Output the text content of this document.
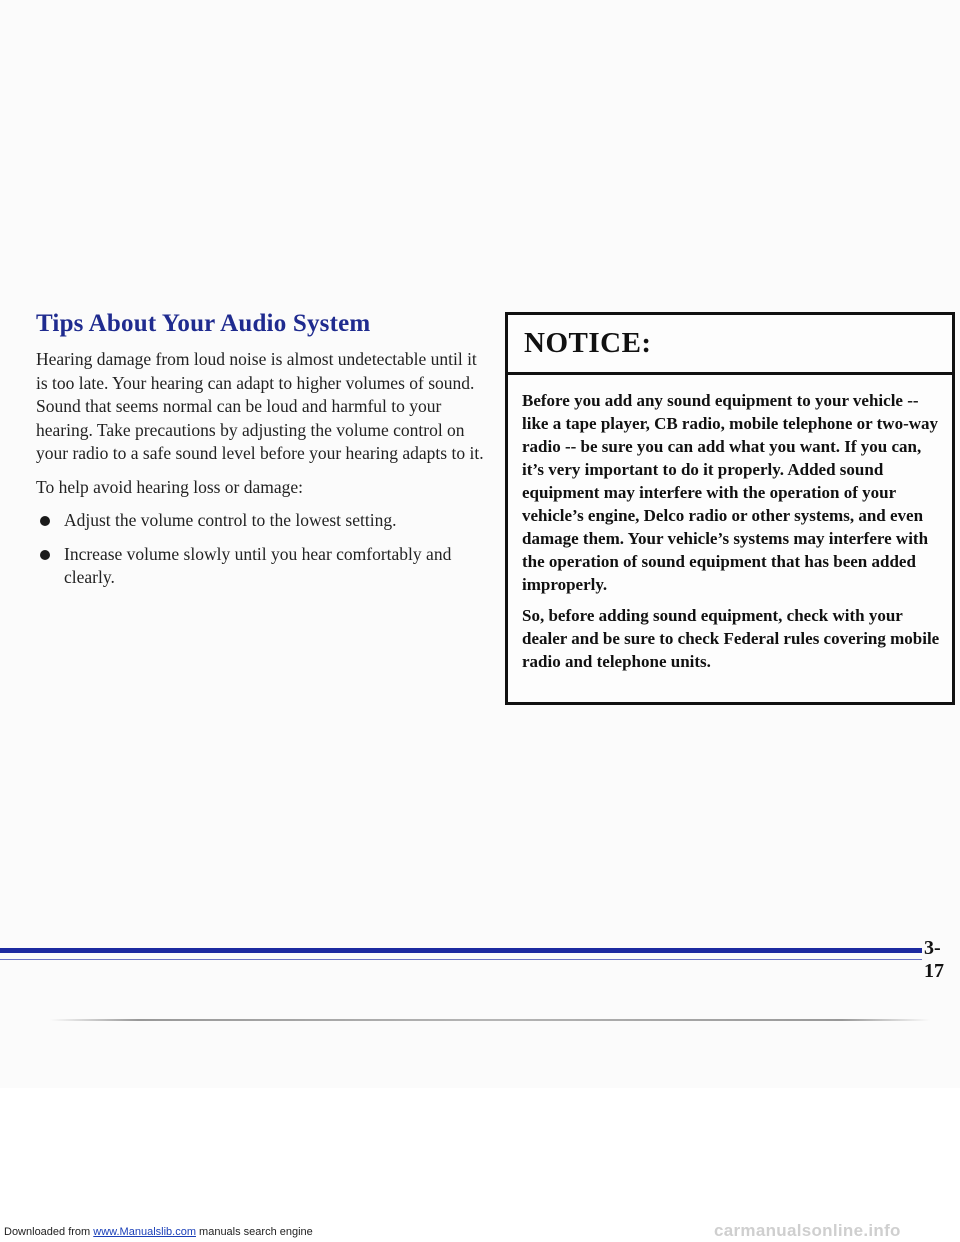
Tips About Your Audio System

Hearing damage from loud noise is almost undetectable until it is too late. Your hearing can adapt to higher volumes of sound. Sound that seems normal can be loud and harmful to your hearing. Take precautions by adjusting the volume control on your radio to a safe sound level before your hearing adapts to it.

To help avoid hearing loss or damage:

Adjust the volume control to the lowest setting.
Increase volume slowly until you hear comfortably and clearly.
NOTICE:

Before you add any sound equipment to your vehicle -- like a tape player, CB radio, mobile telephone or two-way radio -- be sure you can add what you want. If you can, it’s very important to do it properly. Added sound equipment may interfere with the operation of your vehicle’s engine, Delco radio or other systems, and even damage them. Your vehicle’s systems may interfere with the operation of sound equipment that has been added improperly.

So, before adding sound equipment, check with your dealer and be sure to check Federal rules covering mobile radio and telephone units.

3-17
Downloaded from www.Manualslib.com manuals search engine	carmanualsonline.info
